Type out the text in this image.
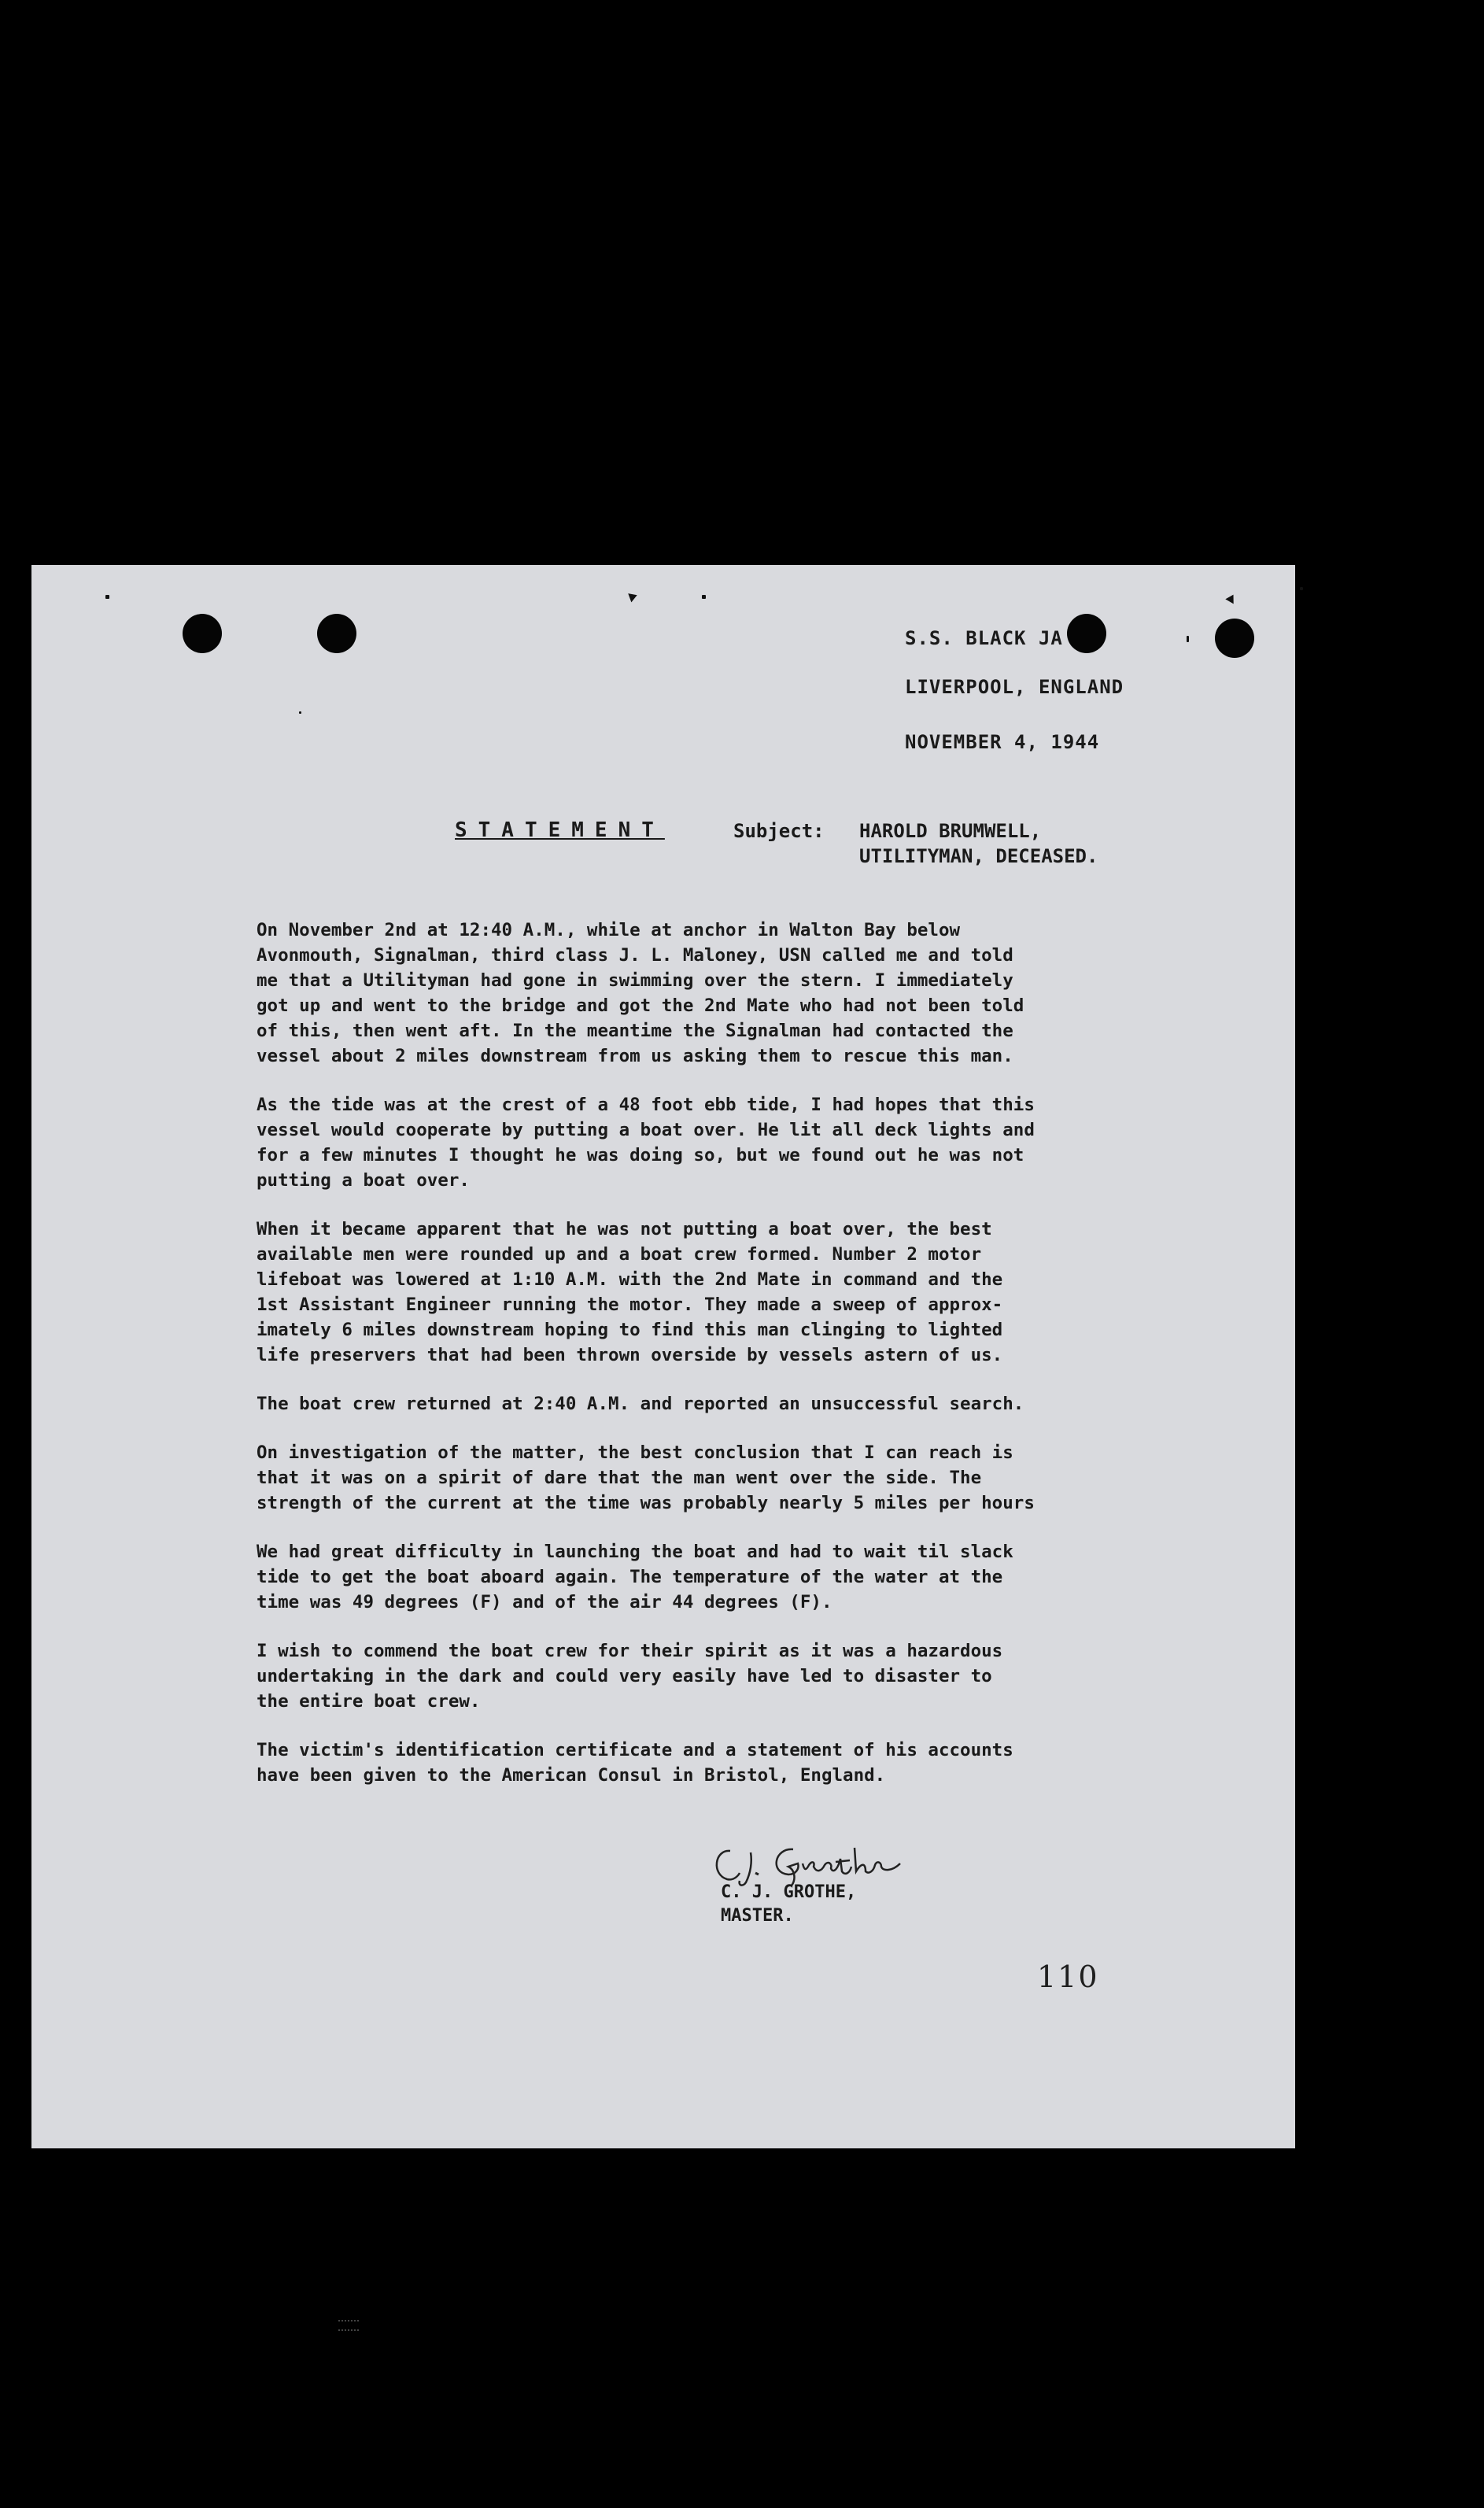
S.S. BLACK JA
LIVERPOOL, ENGLAND
NOVEMBER 4, 1944
STATEMENT	Subject: HAROLD BRUMWELL,
UTILITYMAN, DECEASED.

On November 2nd at 12:40 A.M., while at anchor in Walton Bay below
Avonmouth, Signalman, third class J. L. Maloney, USN called me and told
me that a Utilityman had gone in swimming over the stern. I immediately
got up and went to the bridge and got the 2nd Mate who had not been told
of this, then went aft. In the meantime the Signalman had contacted the
vessel about 2 miles downstream from us asking them to rescue this man.

As the tide was at the crest of a 48 foot ebb tide, I had hopes that this
vessel would cooperate by putting a boat over. He lit all deck lights and
for a few minutes I thought he was doing so, but we found out he was not
putting a boat over.

When it became apparent that he was not putting a boat over, the best
available men were rounded up and a boat crew formed. Number 2 motor
lifeboat was lowered at 1:10 A.M. with the 2nd Mate in command and the
1st Assistant Engineer running the motor. They made a sweep of approx-
imately 6 miles downstream hoping to find this man clinging to lighted
life preservers that had been thrown overside by vessels astern of us.

The boat crew returned at 2:40 A.M. and reported an unsuccessful search.

On investigation of the matter, the best conclusion that I can reach is
that it was on a spirit of dare that the man went over the side. The
strength of the current at the time was probably nearly 5 miles per hours

We had great difficulty in launching the boat and had to wait til slack
tide to get the boat aboard again. The temperature of the water at the
time was 49 degrees (F) and of the air 44 degrees (F).

I wish to commend the boat crew for their spirit as it was a hazardous
undertaking in the dark and could very easily have led to disaster to
the entire boat crew.

The victim's identification certificate and a statement of his accounts
have been given to the American Consul in Bristol, England.

C. J. GROTHE,
MASTER.
110
